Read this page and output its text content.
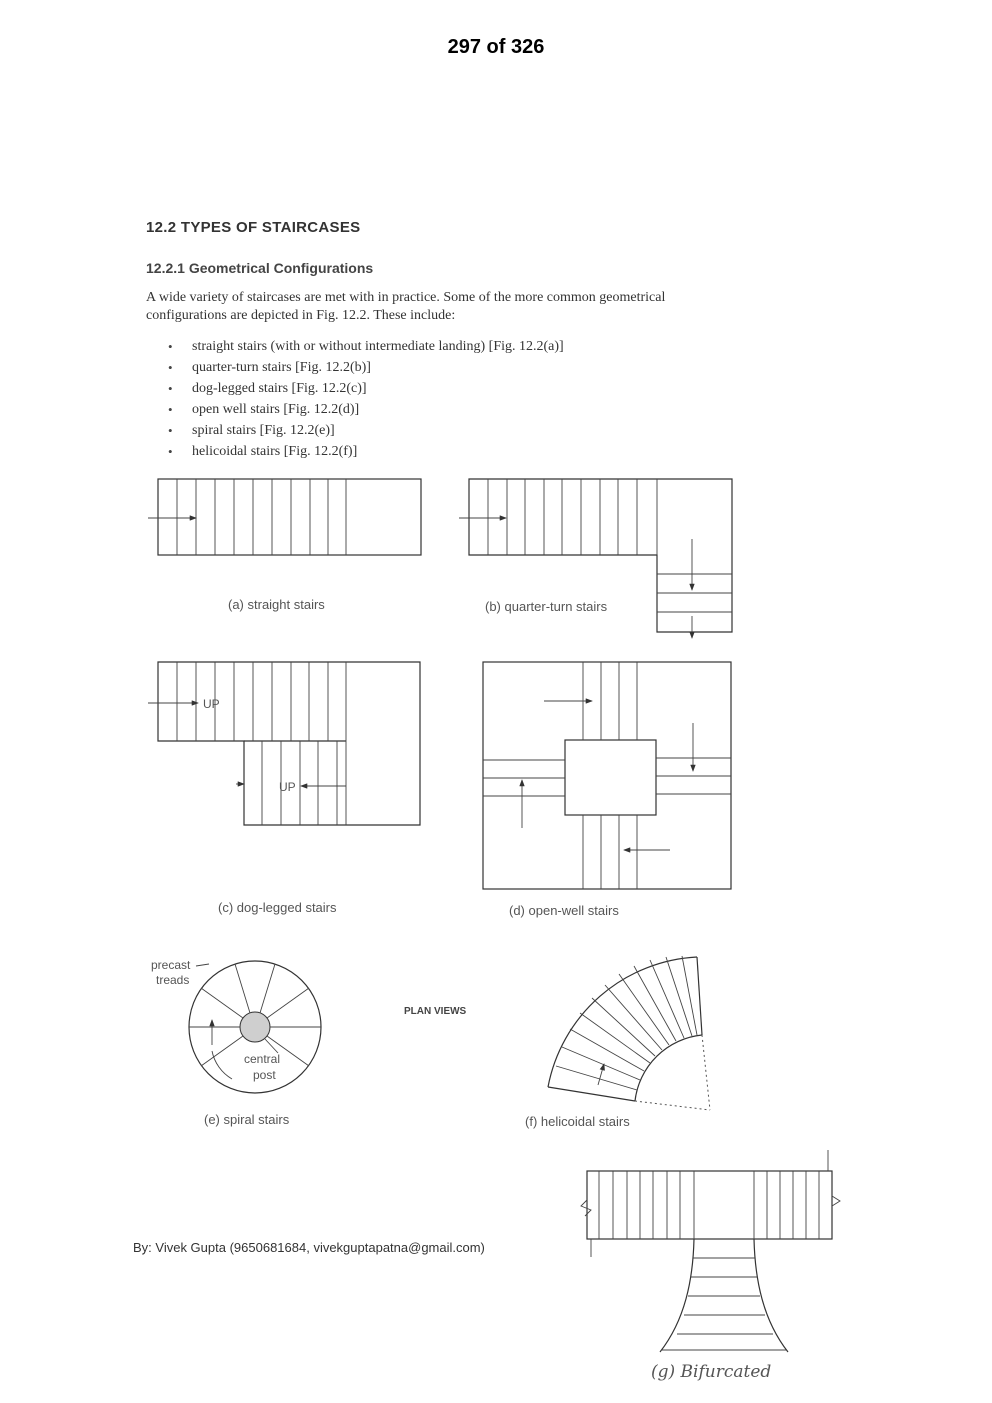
297 of 326
12.2 TYPES OF STAIRCASES
12.2.1 Geometrical Configurations

A wide variety of staircases are met with in practice. Some of the more common geometrical configurations are depicted in Fig. 12.2. These include:

• straight stairs (with or without intermediate landing) [Fig. 12.2(a)]
• quarter-turn stairs [Fig. 12.2(b)]
• dog-legged stairs [Fig. 12.2(c)]
• open well stairs [Fig. 12.2(d)]
• spiral stairs [Fig. 12.2(e)]
• helicoidal stairs [Fig. 12.2(f)]
(a) straight stairs	(b) quarter-turn stairs
UP
UP
(c) dog-legged stairs	(d) open-well stairs
precast
treads
central
post
(e) spiral stairs
PLAN VIEWS
(f) helicoidal stairs
(g) Bifurcated
By: Vivek Gupta (9650681684, vivekguptapatna@gmail.com)
